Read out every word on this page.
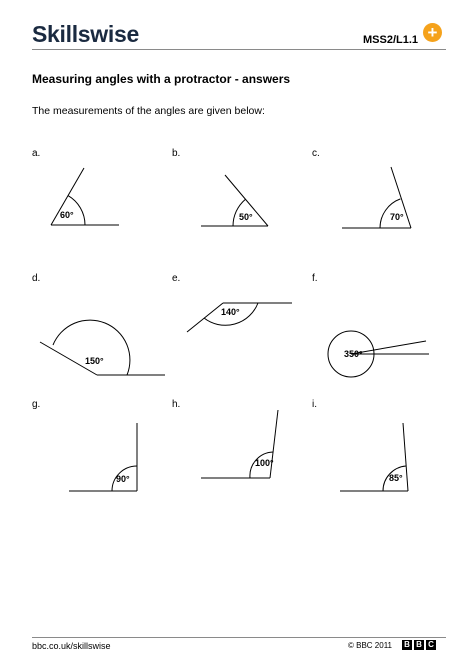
Skillswise	MSS2/L1.1 +
Measuring angles with a protractor - answers
The measurements of the angles are given below:
a.	b.	c.
d.	e.	f.
g.	h.	i.
60°	50°	70°
150°
140°
350°
90°
100°
85°
bbc.co.uk/skillswise	© BBC 2011 B B C
